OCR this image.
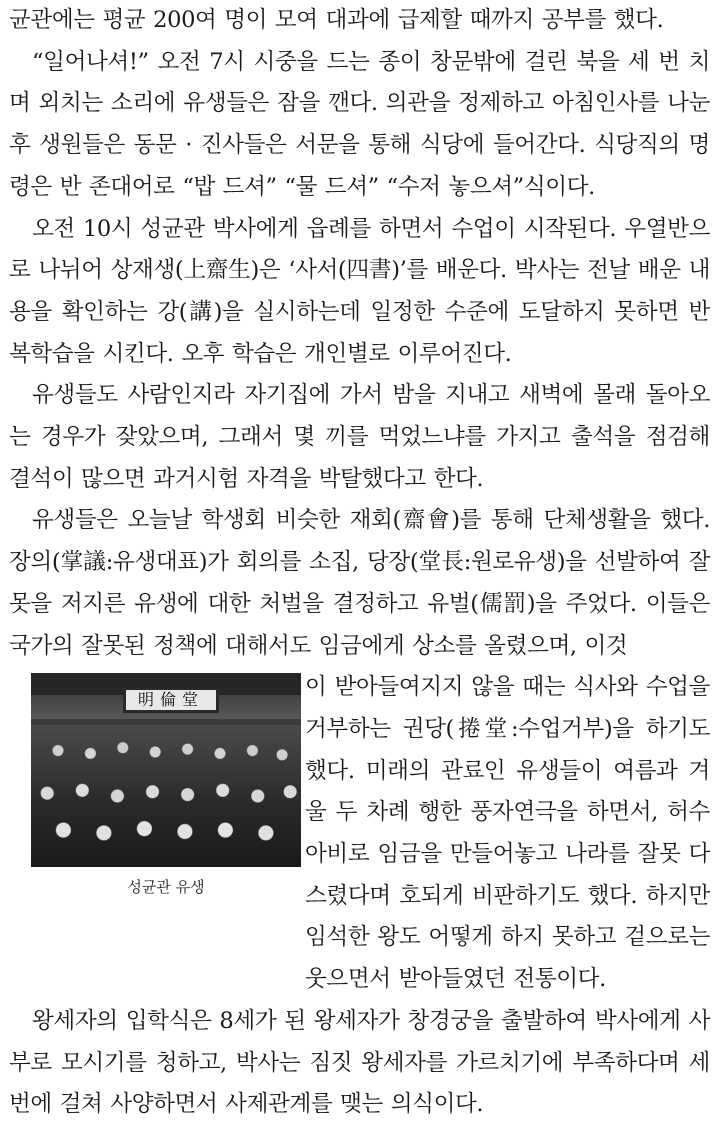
균관에는 평균 200여 명이 모여 대과에 급제할 때까지 공부를 했다.

“일어나셔!” 오전 7시 시중을 드는 종이 창문밖에 걸린 북을 세 번 치며 외치는 소리에 유생들은 잠을 깬다. 의관을 정제하고 아침인사를 나눈 후 생원들은 동문 · 진사들은 서문을 통해 식당에 들어간다. 식당직의 명령은 반 존대어로 “밥 드셔” “물 드셔” “수저 놓으셔”식이다.

오전 10시 성균관 박사에게 읍례를 하면서 수업이 시작된다. 우열반으로 나뉘어 상재생(上齋生)은 ‘사서(四書)’를 배운다. 박사는 전날 배운 내용을 확인하는 강(講)을 실시하는데 일정한 수준에 도달하지 못하면 반복학습을 시킨다. 오후 학습은 개인별로 이루어진다.

유생들도 사람인지라 자기집에 가서 밤을 지내고 새벽에 몰래 돌아오는 경우가 잦았으며, 그래서 몇 끼를 먹었느냐를 가지고 출석을 점검해 결석이 많으면 과거시험 자격을 박탈했다고 한다.

유생들은 오늘날 학생회 비슷한 재회(齋會)를 통해 단체생활을 했다. 장의(掌議:유생대표)가 회의를 소집, 당장(堂長:원로유생)을 선발하여 잘못을 저지른 유생에 대한 처벌을 결정하고 유벌(儒罰)을 주었다. 이들은 국가의 잘못된 정책에 대해서도 임금에게 상소를 올렸으며, 이것

明倫堂
성균관 유생

이 받아들여지지 않을 때는 식사와 수업을 거부하는 권당(捲堂:수업거부)을 하기도 했다. 미래의 관료인 유생들이 여름과 겨울 두 차례 행한 풍자연극을 하면서, 허수아비로 임금을 만들어놓고 나라를 잘못 다스렸다며 호되게 비판하기도 했다. 하지만 임석한 왕도 어떻게 하지 못하고 겉으로는 웃으면서 받아들였던 전통이다.

왕세자의 입학식은 8세가 된 왕세자가 창경궁을 출발하여 박사에게 사부로 모시기를 청하고, 박사는 짐짓 왕세자를 가르치기에 부족하다며 세 번에 걸쳐 사양하면서 사제관계를 맺는 의식이다.
